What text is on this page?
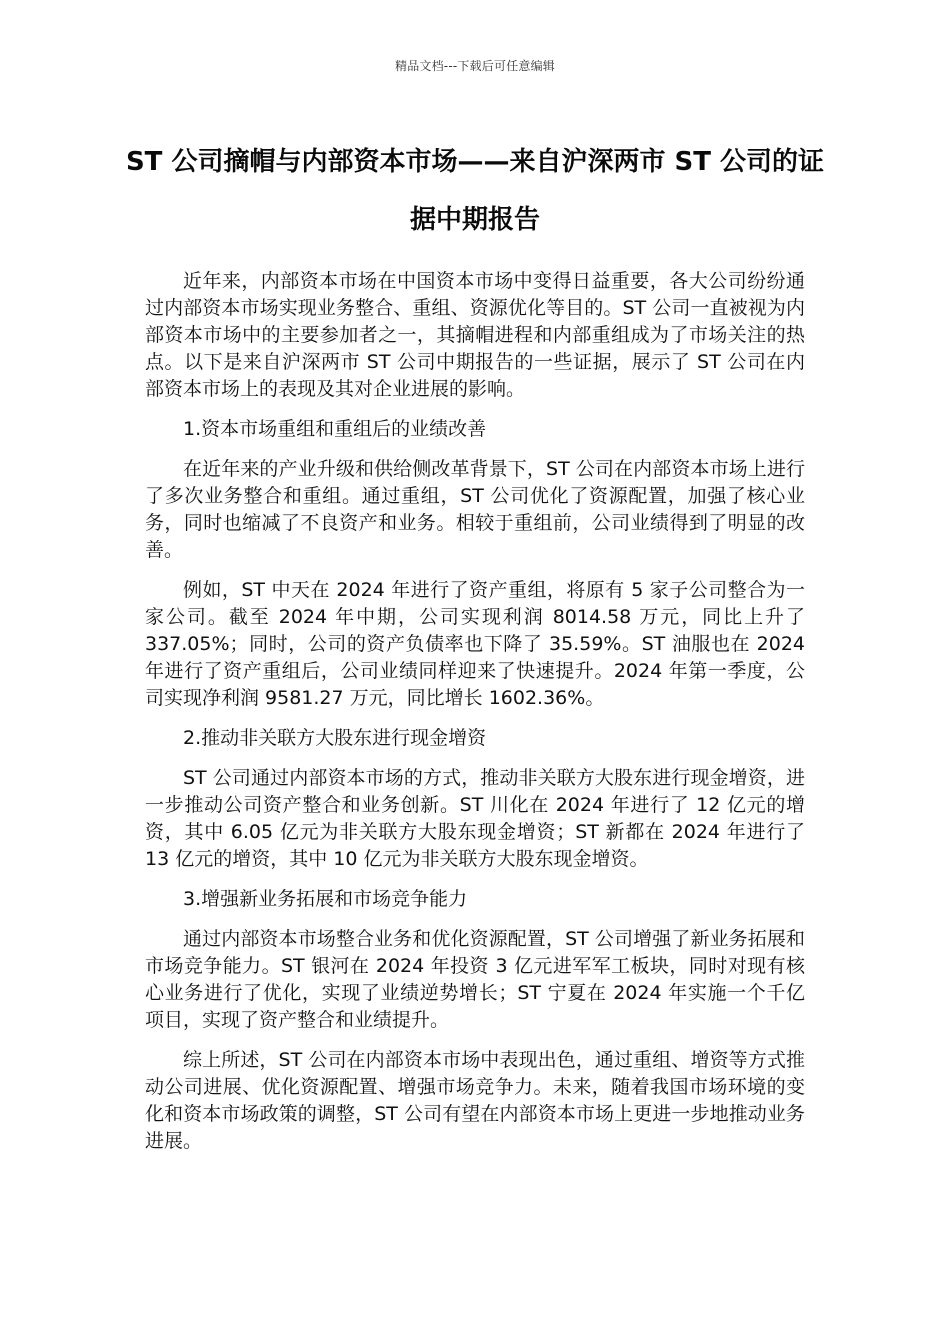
精品文档---下载后可任意编辑
ST 公司摘帽与内部资本市场——来自沪深两市 ST 公司的证据中期报告

近年来，内部资本市场在中国资本市场中变得日益重要，各大公司纷纷通过内部资本市场实现业务整合、重组、资源优化等目的。ST 公司一直被视为内部资本市场中的主要参加者之一，其摘帽进程和内部重组成为了市场关注的热点。以下是来自沪深两市 ST 公司中期报告的一些证据，展示了 ST 公司在内部资本市场上的表现及其对企业进展的影响。

1.资本市场重组和重组后的业绩改善

在近年来的产业升级和供给侧改革背景下，ST 公司在内部资本市场上进行了多次业务整合和重组。通过重组，ST 公司优化了资源配置，加强了核心业务，同时也缩减了不良资产和业务。相较于重组前，公司业绩得到了明显的改善。

例如，ST 中天在 2024 年进行了资产重组，将原有 5 家子公司整合为一家公司。截至 2024 年中期，公司实现利润 8014.58 万元，同比上升了 337.05%；同时，公司的资产负债率也下降了 35.59%。ST 油服也在 2024 年进行了资产重组后，公司业绩同样迎来了快速提升。2024 年第一季度，公司实现净利润 9581.27 万元，同比增长 1602.36%。

2.推动非关联方大股东进行现金增资

ST 公司通过内部资本市场的方式，推动非关联方大股东进行现金增资，进一步推动公司资产整合和业务创新。ST 川化在 2024 年进行了 12 亿元的增资，其中 6.05 亿元为非关联方大股东现金增资；ST 新都在 2024 年进行了 13 亿元的增资，其中 10 亿元为非关联方大股东现金增资。

3.增强新业务拓展和市场竞争能力

通过内部资本市场整合业务和优化资源配置，ST 公司增强了新业务拓展和市场竞争能力。ST 银河在 2024 年投资 3 亿元进军军工板块，同时对现有核心业务进行了优化，实现了业绩逆势增长；ST 宁夏在 2024 年实施一个千亿项目，实现了资产整合和业绩提升。

综上所述，ST 公司在内部资本市场中表现出色，通过重组、增资等方式推动公司进展、优化资源配置、增强市场竞争力。未来，随着我国市场环境的变化和资本市场政策的调整，ST 公司有望在内部资本市场上更进一步地推动业务进展。
